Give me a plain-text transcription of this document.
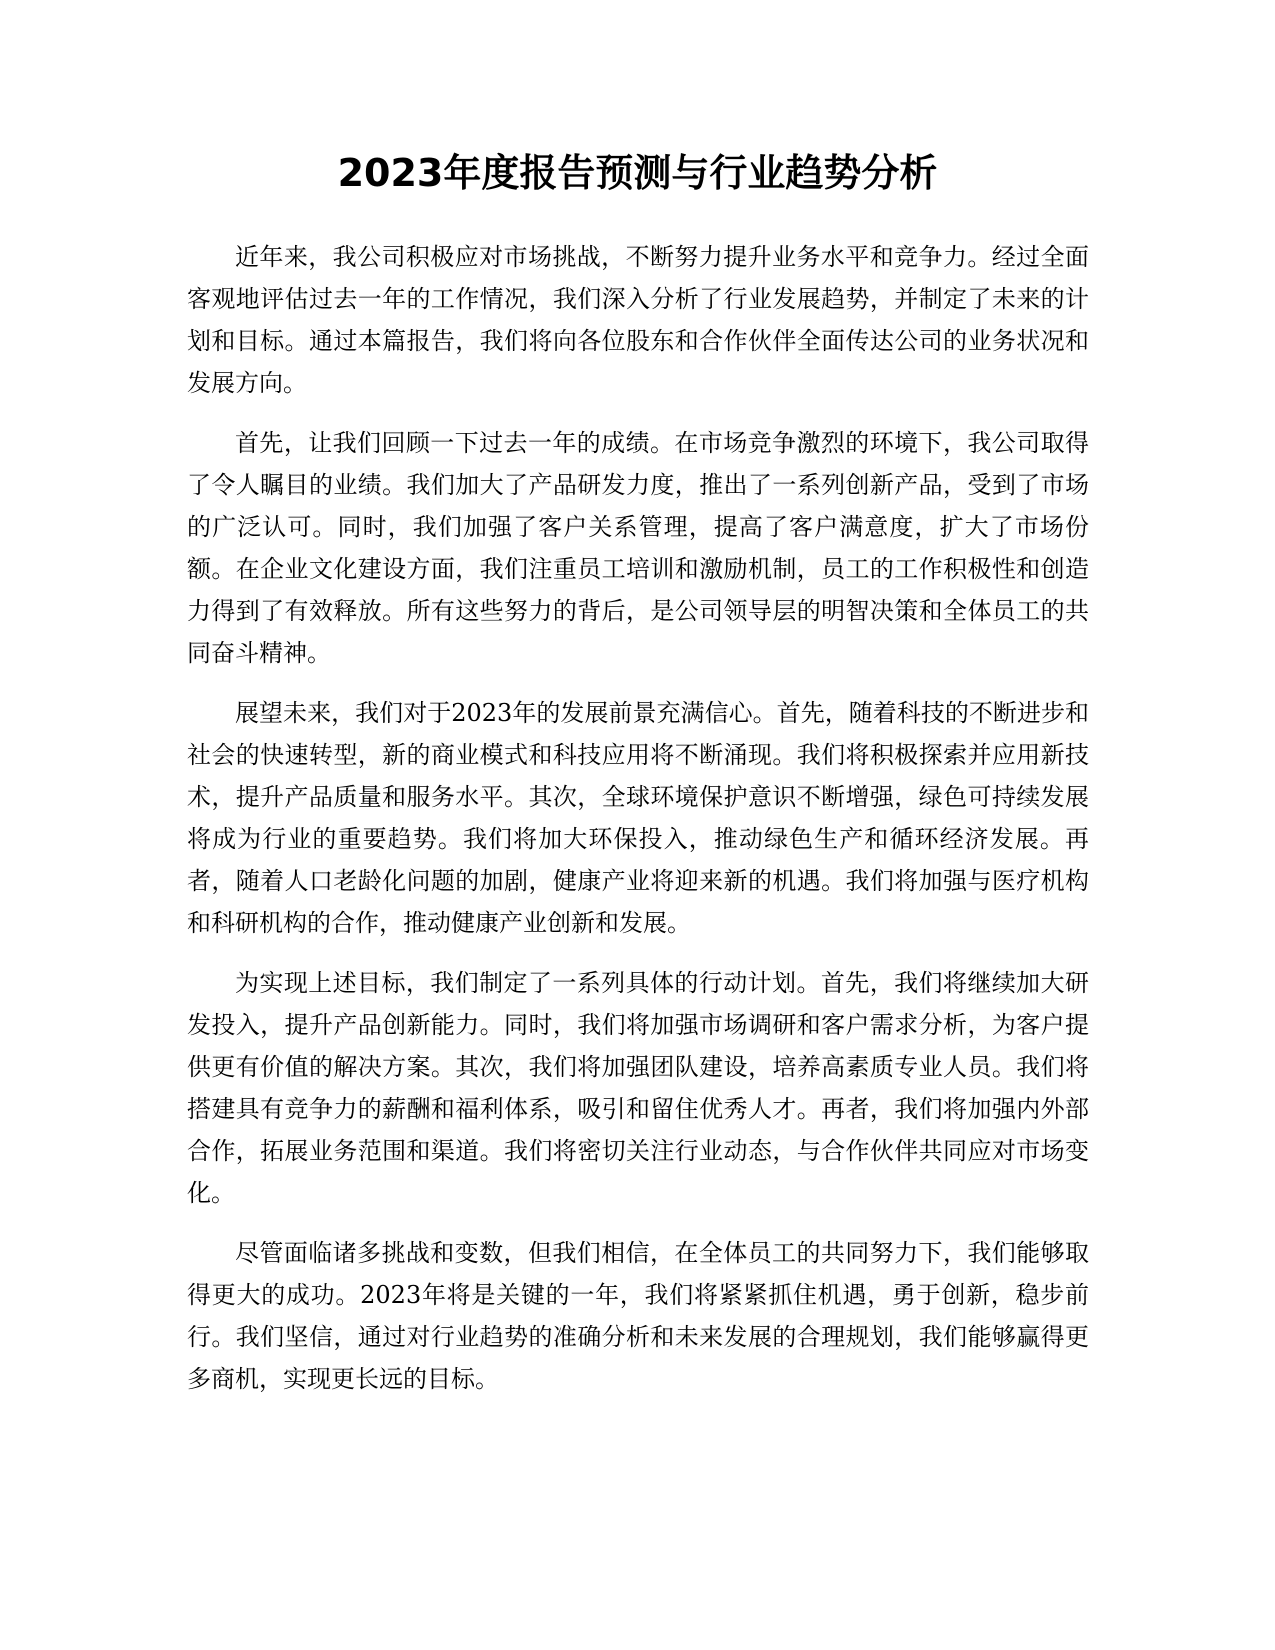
2023年度报告预测与行业趋势分析

近年来，我公司积极应对市场挑战，不断努力提升业务水平和竞争力。经过全面客观地评估过去一年的工作情况，我们深入分析了行业发展趋势，并制定了未来的计划和目标。通过本篇报告，我们将向各位股东和合作伙伴全面传达公司的业务状况和发展方向。

首先，让我们回顾一下过去一年的成绩。在市场竞争激烈的环境下，我公司取得了令人瞩目的业绩。我们加大了产品研发力度，推出了一系列创新产品，受到了市场的广泛认可。同时，我们加强了客户关系管理，提高了客户满意度，扩大了市场份额。在企业文化建设方面，我们注重员工培训和激励机制，员工的工作积极性和创造力得到了有效释放。所有这些努力的背后，是公司领导层的明智决策和全体员工的共同奋斗精神。

展望未来，我们对于2023年的发展前景充满信心。首先，随着科技的不断进步和社会的快速转型，新的商业模式和科技应用将不断涌现。我们将积极探索并应用新技术，提升产品质量和服务水平。其次，全球环境保护意识不断增强，绿色可持续发展将成为行业的重要趋势。我们将加大环保投入，推动绿色生产和循环经济发展。再者，随着人口老龄化问题的加剧，健康产业将迎来新的机遇。我们将加强与医疗机构和科研机构的合作，推动健康产业创新和发展。

为实现上述目标，我们制定了一系列具体的行动计划。首先，我们将继续加大研发投入，提升产品创新能力。同时，我们将加强市场调研和客户需求分析，为客户提供更有价值的解决方案。其次，我们将加强团队建设，培养高素质专业人员。我们将搭建具有竞争力的薪酬和福利体系，吸引和留住优秀人才。再者，我们将加强内外部合作，拓展业务范围和渠道。我们将密切关注行业动态，与合作伙伴共同应对市场变化。

尽管面临诸多挑战和变数，但我们相信，在全体员工的共同努力下，我们能够取得更大的成功。2023年将是关键的一年，我们将紧紧抓住机遇，勇于创新，稳步前行。我们坚信，通过对行业趋势的准确分析和未来发展的合理规划，我们能够赢得更多商机，实现更长远的目标。
